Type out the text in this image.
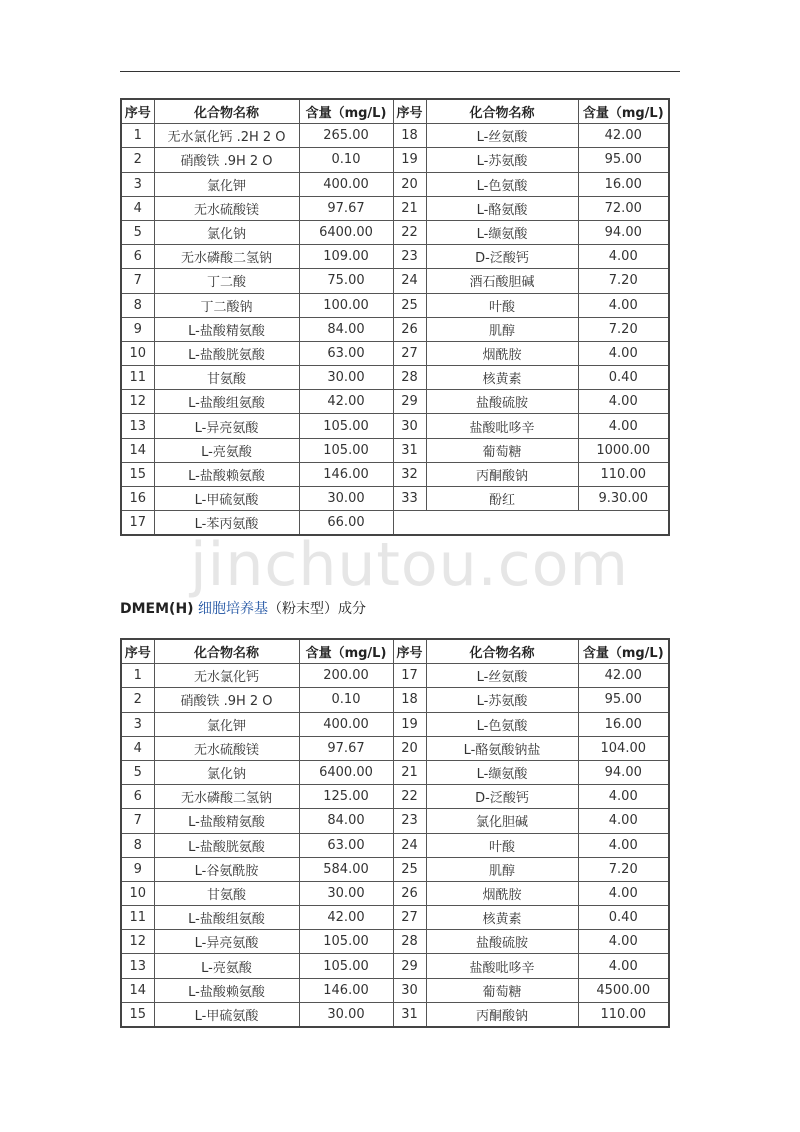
序号	化合物名称	含量（mg/L)	序号	化合物名称	含量（mg/L)
1	无水氯化钙 .2H 2 O	265.00	18	L-丝氨酸	42.00
2	硝酸铁 .9H 2 O	0.10	19	L-苏氨酸	95.00
3	氯化钾	400.00	20	L-色氨酸	16.00
4	无水硫酸镁	97.67	21	L-酪氨酸	72.00
5	氯化钠	6400.00	22	L-缬氨酸	94.00
6	无水磷酸二氢钠	109.00	23	D-泛酸钙	4.00
7	丁二酸	75.00	24	酒石酸胆碱	7.20
8	丁二酸钠	100.00	25	叶酸	4.00
9	L-盐酸精氨酸	84.00	26	肌醇	7.20
10	L-盐酸胱氨酸	63.00	27	烟酰胺	4.00
11	甘氨酸	30.00	28	核黄素	0.40
12	L-盐酸组氨酸	42.00	29	盐酸硫胺	4.00
13	L-异亮氨酸	105.00	30	盐酸吡哆辛	4.00
14	L-亮氨酸	105.00	31	葡萄糖	1000.00
15	L-盐酸赖氨酸	146.00	32	丙酮酸钠	110.00
16	L-甲硫氨酸	30.00	33	酚红	9.30.00
17	L-苯丙氨酸	66.00			
jinchutou.com
DMEM(H) 细胞培养基（粉末型）成分
序号	化合物名称	含量（mg/L)	序号	化合物名称	含量（mg/L)
1	无水氯化钙	200.00	17	L-丝氨酸	42.00
2	硝酸铁 .9H 2 O	0.10	18	L-苏氨酸	95.00
3	氯化钾	400.00	19	L-色氨酸	16.00
4	无水硫酸镁	97.67	20	L-酪氨酸钠盐	104.00
5	氯化钠	6400.00	21	L-缬氨酸	94.00
6	无水磷酸二氢钠	125.00	22	D-泛酸钙	4.00
7	L-盐酸精氨酸	84.00	23	氯化胆碱	4.00
8	L-盐酸胱氨酸	63.00	24	叶酸	4.00
9	L-谷氨酰胺	584.00	25	肌醇	7.20
10	甘氨酸	30.00	26	烟酰胺	4.00
11	L-盐酸组氨酸	42.00	27	核黄素	0.40
12	L-异亮氨酸	105.00	28	盐酸硫胺	4.00
13	L-亮氨酸	105.00	29	盐酸吡哆辛	4.00
14	L-盐酸赖氨酸	146.00	30	葡萄糖	4500.00
15	L-甲硫氨酸	30.00	31	丙酮酸钠	110.00
